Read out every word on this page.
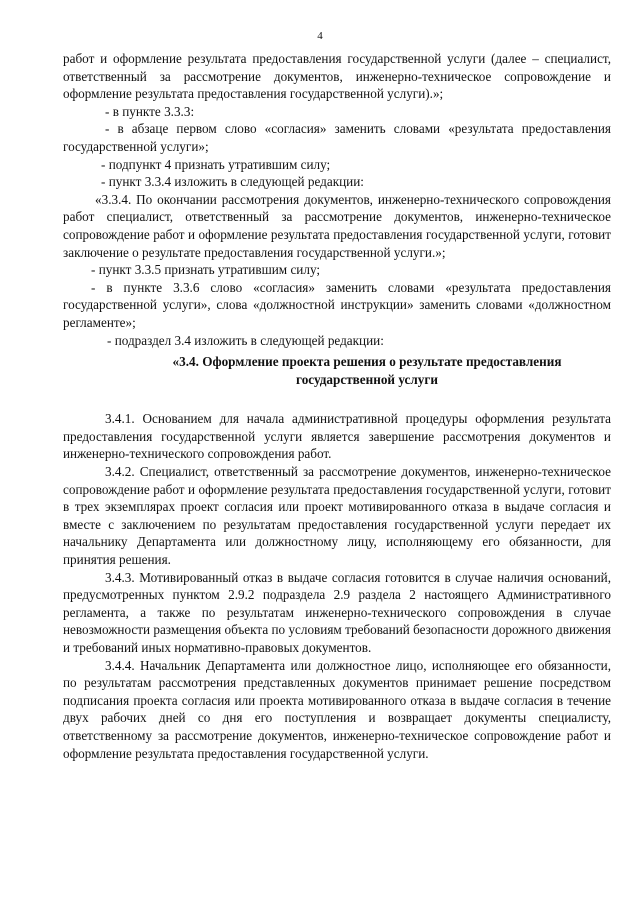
4

работ и оформление результата предоставления государственной услуги (далее – специалист, ответственный за рассмотрение документов, инженерно-техническое сопровождение и оформление результата предоставления государственной услуги).»;

- в пункте 3.3.3:

- в абзаце первом слово «согласия» заменить словами «результата предоставления государственной услуги»;

- подпункт 4 признать утратившим силу;

- пункт 3.3.4 изложить в следующей редакции:

«3.3.4. По окончании рассмотрения документов, инженерно-технического сопровождения работ специалист, ответственный за рассмотрение документов, инженерно-техническое сопровождение работ и оформление результата предоставления государственной услуги, готовит заключение о результате предоставления государственной услуги.»;

- пункт 3.3.5 признать утратившим силу;

- в пункте 3.3.6 слово «согласия» заменить словами «результата предоставления государственной услуги», слова «должностной инструкции» заменить словами «должностном регламенте»;

- подраздел 3.4 изложить в следующей редакции:

«3.4. Оформление проекта решения о результате предоставления государственной услуги

3.4.1. Основанием для начала административной процедуры оформления результата предоставления государственной услуги является завершение рассмотрения документов и инженерно-технического сопровождения работ.

3.4.2. Специалист, ответственный за рассмотрение документов, инженерно-техническое сопровождение работ и оформление результата предоставления государственной услуги, готовит в трех экземплярах проект согласия или проект мотивированного отказа в выдаче согласия и вместе с заключением по результатам предоставления государственной услуги передает их начальнику Департамента или должностному лицу, исполняющему его обязанности, для принятия решения.

3.4.3. Мотивированный отказ в выдаче согласия готовится в случае наличия оснований, предусмотренных пунктом 2.9.2 подраздела 2.9 раздела 2 настоящего Административного регламента, а также по результатам инженерно-технического сопровождения в случае невозможности размещения объекта по условиям требований безопасности дорожного движения и требований иных нормативно-правовых документов.

3.4.4. Начальник Департамента или должностное лицо, исполняющее его обязанности, по результатам рассмотрения представленных документов принимает решение посредством подписания проекта согласия или проекта мотивированного отказа в выдаче согласия в течение двух рабочих дней со дня его поступления и возвращает документы специалисту, ответственному за рассмотрение документов, инженерно-техническое сопровождение работ и оформление результата предоставления государственной услуги.
